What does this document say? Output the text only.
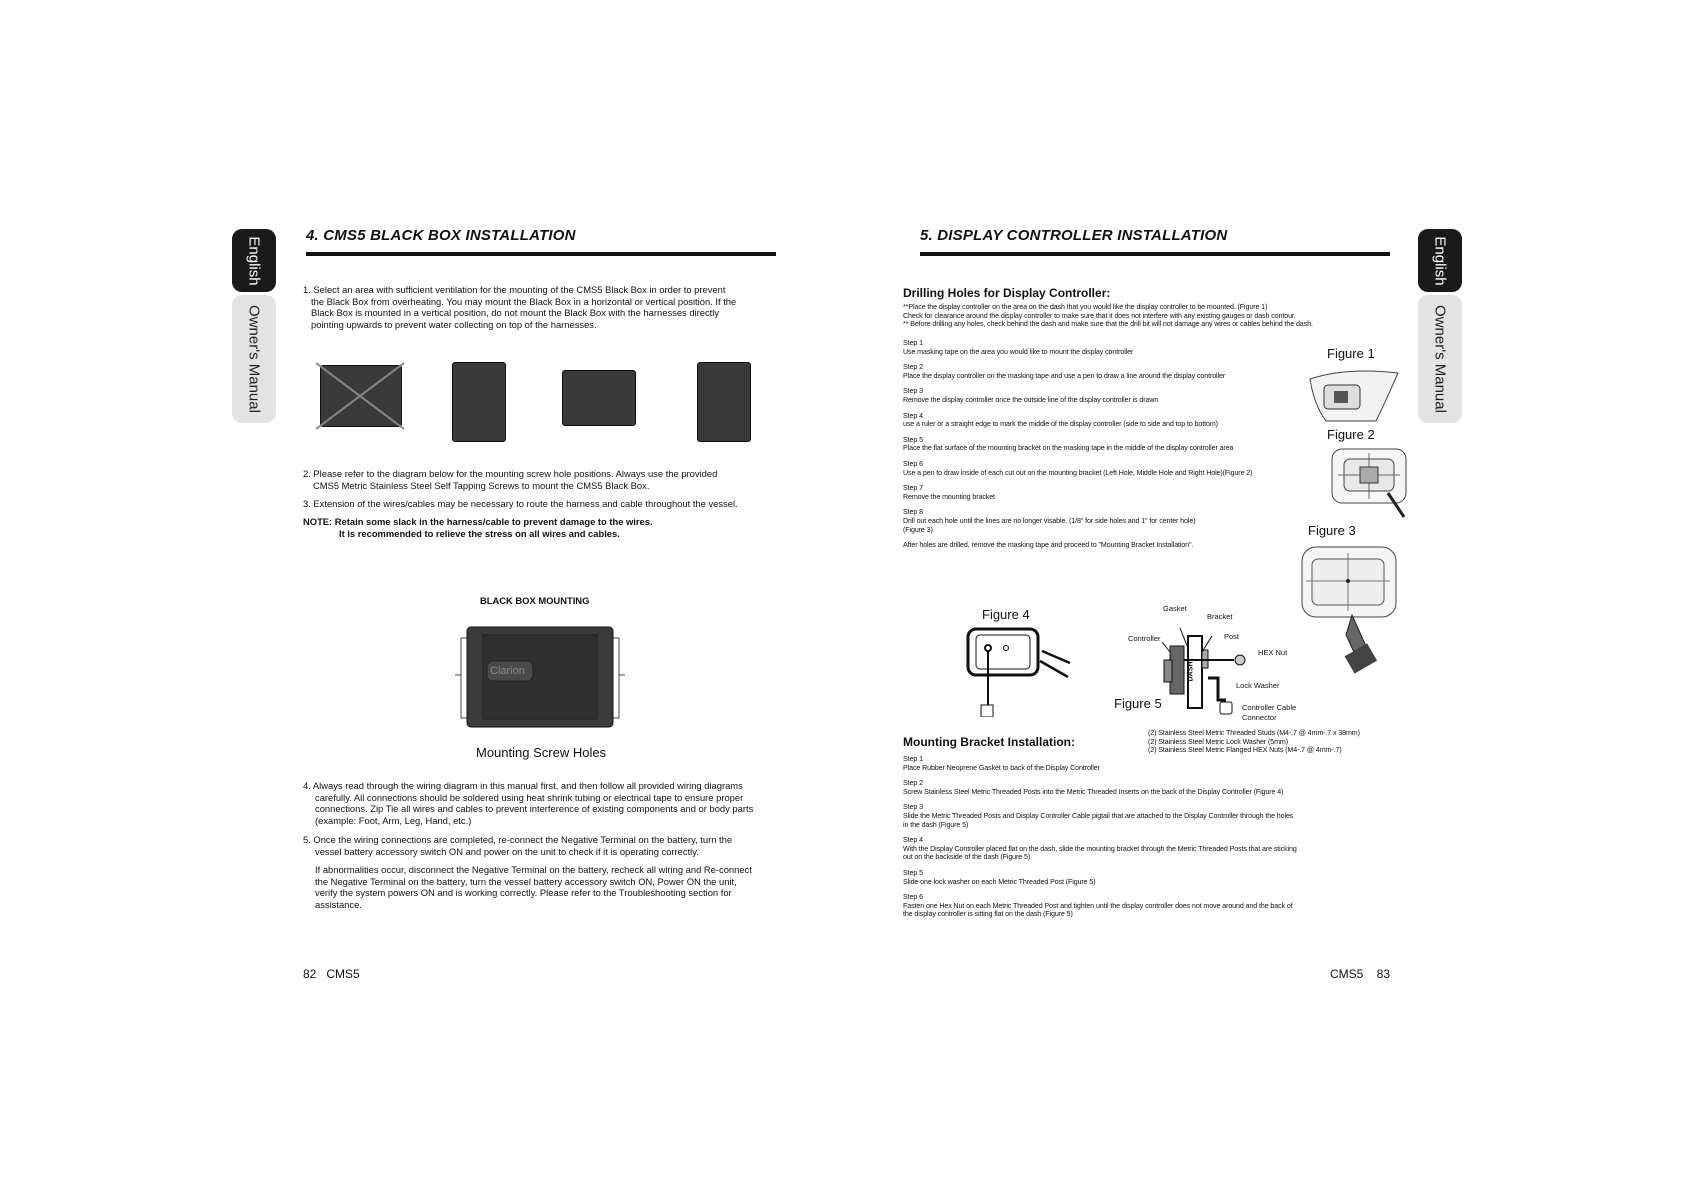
English
Owner's Manual
English
Owner's Manual
4. CMS5 BLACK BOX INSTALLATION
1. Select an area with sufficient ventilation for the mounting of the CMS5 Black Box in order to prevent
the Black Box from overheating. You may mount the Black Box in a horizontal or vertical position. If the
Black Box is mounted in a vertical position, do not mount the Black Box with the harnesses directly
pointing upwards to prevent water collecting on top of the harnesses.
2. Please refer to the diagram below for the mounting screw hole positions. Always use the provided
CMS5 Metric Stainless Steel Self Tapping Screws to mount the CMS5 Black Box.
3. Extension of the wires/cables may be necessary to route the harness and cable throughout the vessel.
NOTE: Retain some slack in the harness/cable to prevent damage to the wires.
It is recommended to relieve the stress on all wires and cables.
BLACK BOX MOUNTING
Clarion
Mounting Screw Holes
4. Always read through the wiring diagram in this manual first, and then follow all provided wiring diagrams
carefully. All connections should be soldered using heat shrink tubing or electrical tape to ensure proper
connections. Zip Tie all wires and cables to prevent interference of existing components and or body parts
(example: Foot, Arm, Leg, Hand, etc.)
5. Once the wiring connections are completed, re-connect the Negative Terminal on the battery, turn the
vessel battery accessory switch ON and power on the unit to check if it is operating correctly.
If abnormalities occur, disconnect the Negative Terminal on the battery, recheck all wiring and Re-connect
the Negative Terminal on the battery, turn the vessel battery accessory switch ON, Power ON the unit,
verify the system powers ON and is working correctly. Please refer to the Troubleshooting section for
assistance.
82 CMS5
5. DISPLAY CONTROLLER INSTALLATION
Drilling Holes for Display Controller:
**Place the display controller on the area on the dash that you would like the display controller to be mounted. (Figure 1)
Check for clearance around the display controller to make sure that it does not interfere with any existing gauges or dash contour.
** Before drilling any holes, check behind the dash and make sure that the drill bit will not damage any wires or cables behind the dash.
Step 1
Use masking tape on the area you would like to mount the display controller
Step 2
Place the display controller on the masking tape and use a pen to draw a line around the display controller
Step 3
Remove the display controller once the outside line of the display controller is drawn
Step 4
use a ruler or a straight edge to mark the middle of the display controller (side to side and top to bottom)
Step 5
Place the flat surface of the mounting bracket on the masking tape in the middle of the display controller area
Step 6
Use a pen to draw inside of each cut out on the mounting bracket (Left Hole, Middle Hole and Right Hole)(Figure 2)
Step 7
Remove the mounting bracket
Step 8
Drill out each hole until the lines are no longer visable. (1/8" for side holes and 1" for center hole)
(Figure 3)
After holes are drilled, remove the masking tape and proceed to "Mounting Bracket Installation".
Figure 1
Figure 2
Figure 3
Figure 4	Gasket
Bracket
Controller	Post
HEX Nut
DASH
Lock Washer
Controller Cable
Connector
Figure 5
Mounting Bracket Installation:
(2) Stainless Steel Metric Threaded Studs (M4-.7 @ 4mm-.7 x 38mm)
(2) Stainless Steel Metric Lock Washer (5mm)
(2) Stainless Steel Metric Flanged HEX Nuts (M4-.7 @ 4mm-.7)
Step 1
Place Rubber Neoprene Gasket to back of the Display Controller
Step 2
Screw Stainless Steel Metric Threaded Posts into the Metric Threaded Inserts on the back of the Display Controller (Figure 4)
Step 3
Slide the Metric Threaded Posts and Display Controller Cable pigtail that are attached to the Display Controller through the holes
in the dash (Figure 5)
Step 4
With the Display Controller placed flat on the dash, slide the mounting bracket through the Metric Threaded Posts that are sticking
out on the backside of the dash (Figure 5)
Step 5
Slide one lock washer on each Metric Threaded Post (Figure 5)
Step 6
Fasten one Hex Nut on each Metric Threaded Post and tighten until the display controller does not move around and the back of
the display controller is sitting flat on the dash (Figure 5)
CMS5 83
